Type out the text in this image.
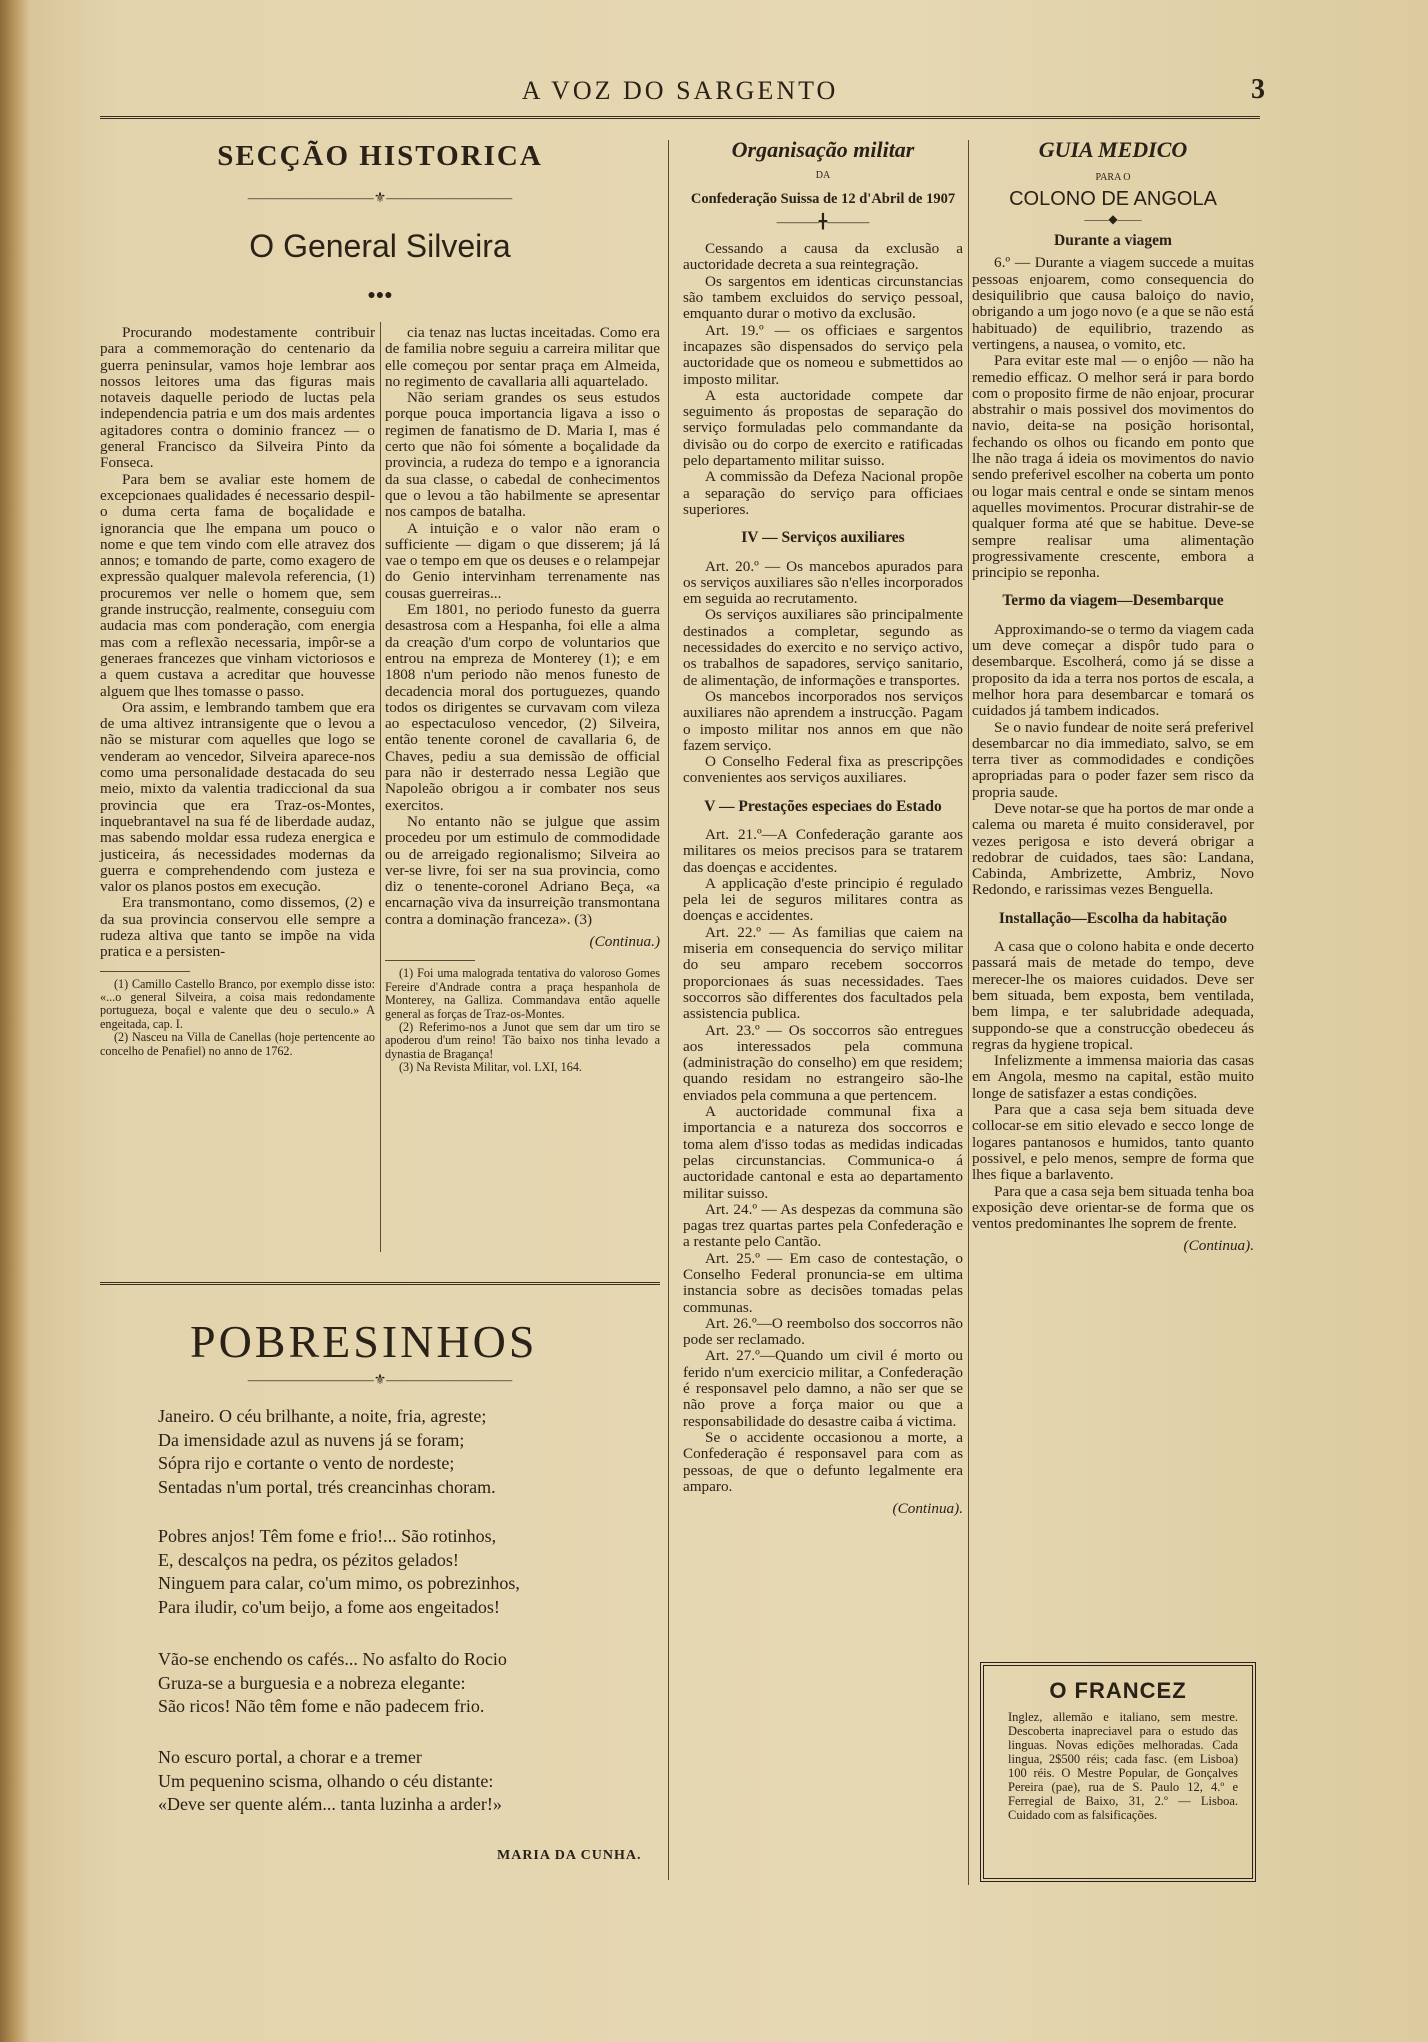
A VOZ DO SARGENTO	3
SECÇÃO HISTORICA
―――――――――⚜―――――――――
O General Silveira
●●●

Procurando modestamente contribuir para a commemoração do centenario da guerra peninsular, vamos hoje lembrar aos nossos leitores uma das figuras mais notaveis daquelle periodo de luctas pela independencia patria e um dos mais ardentes agitadores contra o dominio francez — o general Francisco da Silveira Pinto da Fonseca.

Para bem se avaliar este homem de excepcionaes qualidades é necessario despil-o duma certa fama de boçalidade e ignorancia que lhe empana um pouco o nome e que tem vindo com elle atravez dos annos; e tomando de parte, como exagero de expressão qualquer malevola referencia, (1) procuremos ver nelle o homem que, sem grande instrucção, realmente, conseguiu com audacia mas com ponderação, com energia mas com a reflexão necessaria, impôr-se a generaes francezes que vinham victoriosos e a quem custava a acreditar que houvesse alguem que lhes tomasse o passo.

Ora assim, e lembrando tambem que era de uma altivez intransigente que o levou a não se misturar com aquelles que logo se venderam ao vencedor, Silveira aparece-nos como uma personalidade destacada do seu meio, mixto da valentia tradiccional da sua provincia que era Traz-os-Montes, inquebrantavel na sua fé de liberdade audaz, mas sabendo moldar essa rudeza energica e justiceira, ás necessidades modernas da guerra e comprehendendo com justeza e valor os planos postos em execução.

Era transmontano, como dissemos, (2) e da sua provincia conservou elle sempre a rudeza altiva que tanto se impõe na vida pratica e a persisten-

(1) Camillo Castello Branco, por exemplo disse isto: «...o general Silveira, a coisa mais redondamente portugueza, boçal e valente que deu o seculo.» A engeitada, cap. I.

(2) Nasceu na Villa de Canellas (hoje pertencente ao concelho de Penafiel) no anno de 1762.

cia tenaz nas luctas inceitadas. Como era de familia nobre seguiu a carreira militar que elle começou por sentar praça em Almeida, no regimento de cavallaria alli aquartelado.

Não seriam grandes os seus estudos porque pouca importancia ligava a isso o regimen de fanatismo de D. Maria I, mas é certo que não foi sómente a boçalidade da provincia, a rudeza do tempo e a ignorancia da sua classe, o cabedal de conhecimentos que o levou a tão habilmente se apresentar nos campos de batalha.

A intuição e o valor não eram o sufficiente — digam o que disserem; já lá vae o tempo em que os deuses e o relampejar do Genio intervinham terrenamente nas cousas guerreiras...

Em 1801, no periodo funesto da guerra desastrosa com a Hespanha, foi elle a alma da creação d'um corpo de voluntarios que entrou na empreza de Monterey (1); e em 1808 n'um periodo não menos funesto de decadencia moral dos portuguezes, quando todos os dirigentes se curvavam com vileza ao espectaculoso vencedor, (2) Silveira, então tenente coronel de cavallaria 6, de Chaves, pediu a sua demissão de official para não ir desterrado nessa Legião que Napoleão obrigou a ir combater nos seus exercitos.

No entanto não se julgue que assim procedeu por um estimulo de commodidade ou de arreigado regionalismo; Silveira ao ver-se livre, foi ser na sua provincia, como diz o tenente-coronel Adriano Beça, «a encarnação viva da insurreição transmontana contra a dominação franceza». (3)

(Continua.)

(1) Foi uma malograda tentativa do valoroso Gomes Fereire d'Andrade contra a praça hespanhola de Monterey, na Galliza. Commandava então aquelle general as forças de Traz-os-Montes.

(2) Referimo-nos a Junot que sem dar um tiro se apoderou d'um reino! Tão baixo nos tinha levado a dynastia de Bragança!

(3) Na Revista Militar, vol. LXI, 164.

POBRESINHOS
―――――――――⚜―――――――――
Janeiro. O céu brilhante, a noite, fria, agreste;
Da imensidade azul as nuvens já se foram;
Sópra rijo e cortante o vento de nordeste;
Sentadas n'um portal, trés creancinhas choram.
Pobres anjos! Têm fome e frio!... São rotinhos,
E, descalços na pedra, os pézitos gelados!
Ninguem para calar, co'um mimo, os pobrezinhos,
Para iludir, co'um beijo, a fome aos engeitados!
Vão-se enchendo os cafés... No asfalto do Rocio
Gruza-se a burguesia e a nobreza elegante:
São ricos! Não têm fome e não padecem frio.
No escuro portal, a chorar e a tremer
Um pequenino scisma, olhando o céu distante:
«Deve ser quente além... tanta luzinha a arder!»
MARIA DA CUNHA.
Organisação militar
DA
Confederação Suissa de 12 d'Abril de 1907
―――╋―――

Cessando a causa da exclusão a auctoridade decreta a sua reintegração.

Os sargentos em identicas circunstancias são tambem excluidos do serviço pessoal, emquanto durar o motivo da exclusão.

Art. 19.º — os officiaes e sargentos incapazes são dispensados do serviço pela auctoridade que os nomeou e submettidos ao imposto militar.

A esta auctoridade compete dar seguimento ás propostas de separação do serviço formuladas pelo commandante da divisão ou do corpo de exercito e ratificadas pelo departamento militar suisso.

A commissão da Defeza Nacional propõe a separação do serviço para officiaes superiores.

IV — Serviços auxiliares

Art. 20.º — Os mancebos apurados para os serviços auxiliares são n'elles incorporados em seguida ao recrutamento.

Os serviços auxiliares são principalmente destinados a completar, segundo as necessidades do exercito e no serviço activo, os trabalhos de sapadores, serviço sanitario, de alimentação, de informações e transportes.

Os mancebos incorporados nos serviços auxiliares não aprendem a instrucção. Pagam o imposto militar nos annos em que não fazem serviço.

O Conselho Federal fixa as prescripções convenientes aos serviços auxiliares.

V — Prestações especiaes do Estado

Art. 21.º—A Confederação garante aos militares os meios precisos para se tratarem das doenças e accidentes.

A applicação d'este principio é regulado pela lei de seguros militares contra as doenças e accidentes.

Art. 22.º — As familias que caiem na miseria em consequencia do serviço militar do seu amparo recebem soccorros proporcionaes ás suas necessidades. Taes soccorros são differentes dos facultados pela assistencia publica.

Art. 23.º — Os soccorros são entregues aos interessados pela communa (administração do conselho) em que residem; quando residam no estrangeiro são-lhe enviados pela communa a que pertencem.

A auctoridade communal fixa a importancia e a natureza dos soccorros e toma alem d'isso todas as medidas indicadas pelas circunstancias. Communica-o á auctoridade cantonal e esta ao departamento militar suisso.

Art. 24.º — As despezas da communa são pagas trez quartas partes pela Confederação e a restante pelo Cantão.

Art. 25.º — Em caso de contestação, o Conselho Federal pronuncia-se em ultima instancia sobre as decisões tomadas pelas communas.

Art. 26.º—O reembolso dos soccorros não pode ser reclamado.

Art. 27.º—Quando um civil é morto ou ferido n'um exercicio militar, a Confederação é responsavel pelo damno, a não ser que se não prove a força maior ou que a responsabilidade do desastre caiba á victima.

Se o accidente occasionou a morte, a Confederação é responsavel para com as pessoas, de que o defunto legalmente era amparo.

(Continua).
GUIA MEDICO
PARA O
COLONO DE ANGOLA
――◆――
Durante a viagem

6.º — Durante a viagem succede a muitas pessoas enjoarem, como consequencia do desiquilibrio que causa baloiço do navio, obrigando a um jogo novo (e a que se não está habituado) de equilibrio, trazendo as vertingens, a nausea, o vomito, etc.

Para evitar este mal — o enjôo — não ha remedio efficaz. O melhor será ir para bordo com o proposito firme de não enjoar, procurar abstrahir o mais possivel dos movimentos do navio, deita-se na posição horisontal, fechando os olhos ou ficando em ponto que lhe não traga á ideia os movimentos do navio sendo preferivel escolher na coberta um ponto ou logar mais central e onde se sintam menos aquelles movimentos. Procurar distrahir-se de qualquer forma até que se habitue. Deve-se sempre realisar uma alimentação progressivamente crescente, embora a principio se reponha.

Termo da viagem—Desembarque

Approximando-se o termo da viagem cada um deve começar a dispôr tudo para o desembarque. Escolherá, como já se disse a proposito da ida a terra nos portos de escala, a melhor hora para desembarcar e tomará os cuidados já tambem indicados.

Se o navio fundear de noite será preferivel desembarcar no dia immediato, salvo, se em terra tiver as commodidades e condições apropriadas para o poder fazer sem risco da propria saude.

Deve notar-se que ha portos de mar onde a calema ou mareta é muito consideravel, por vezes perigosa e isto deverá obrigar a redobrar de cuidados, taes são: Landana, Cabinda, Ambrizette, Ambriz, Novo Redondo, e rarissimas vezes Benguella.

Installação—Escolha da habitação

A casa que o colono habita e onde decerto passará mais de metade do tempo, deve merecer-lhe os maiores cuidados. Deve ser bem situada, bem exposta, bem ventilada, bem limpa, e ter salubridade adequada, suppondo-se que a construcção obedeceu ás regras da hygiene tropical.

Infelizmente a immensa maioria das casas em Angola, mesmo na capital, estão muito longe de satisfazer a estas condições.

Para que a casa seja bem situada deve collocar-se em sitio elevado e secco longe de logares pantanosos e humidos, tanto quanto possivel, e pelo menos, sempre de forma que lhes fique a barlavento.

Para que a casa seja bem situada tenha boa exposição deve orientar-se de forma que os ventos predominantes lhe soprem de frente.

(Continua).
O FRANCEZ
Inglez, allemão e italiano, sem mestre. Descoberta inapreciavel para o estudo das linguas. Novas edições melhoradas. Cada lingua, 2$500 réis; cada fasc. (em Lisboa) 100 réis. O Mestre Popular, de Gonçalves Pereira (pae), rua de S. Paulo 12, 4.º e Ferregial de Baixo, 31, 2.º — Lisboa. Cuidado com as falsificações.
